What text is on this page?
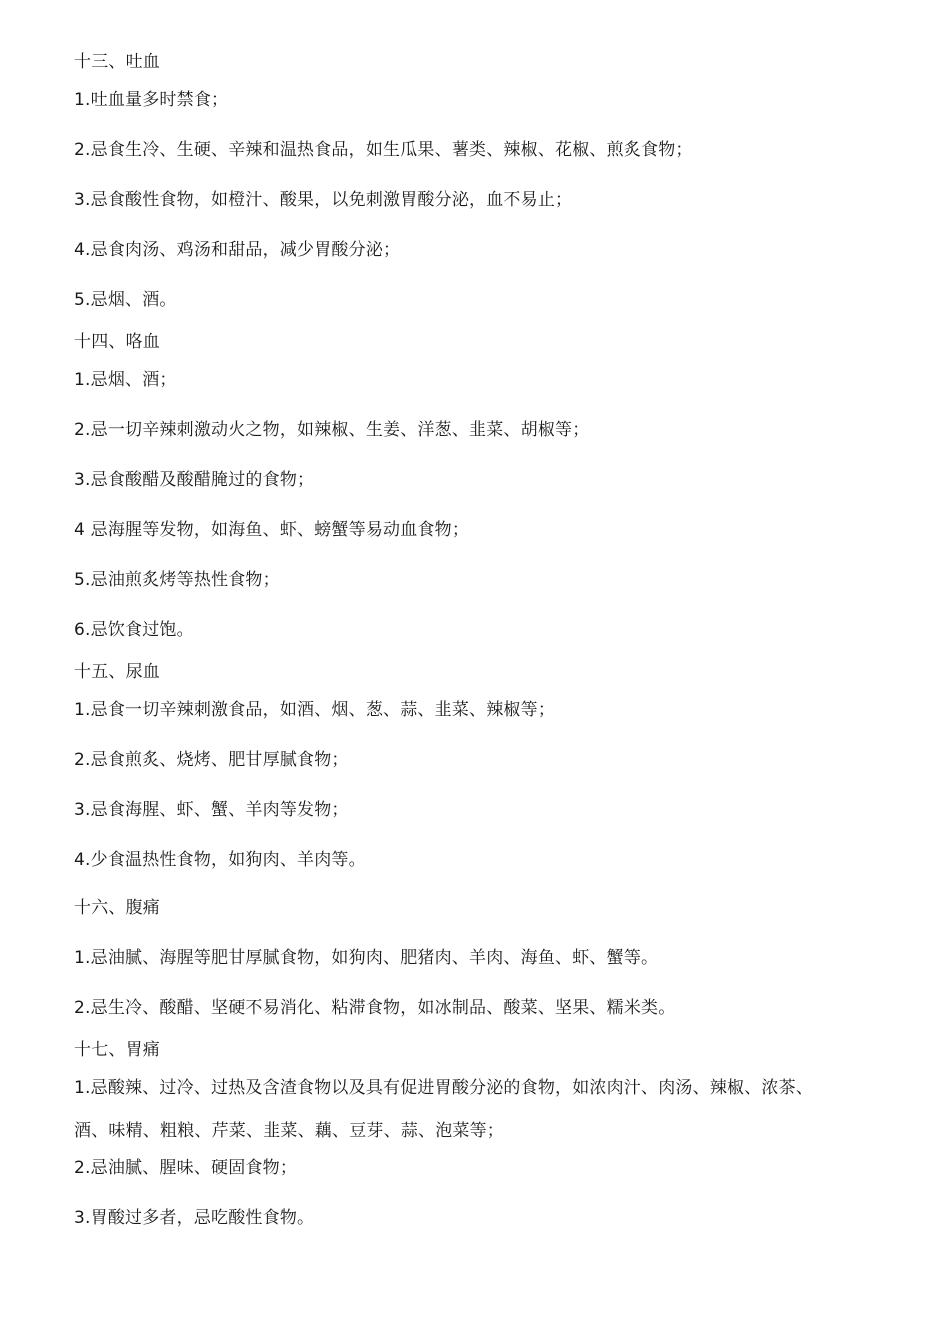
十三、吐血
1.吐血量多时禁食；
2.忌食生冷、生硬、辛辣和温热食品，如生瓜果、薯类、辣椒、花椒、煎炙食物；
3.忌食酸性食物，如橙汁、酸果，以免刺激胃酸分泌，血不易止；
4.忌食肉汤、鸡汤和甜品，减少胃酸分泌；
5.忌烟、酒。
十四、咯血
1.忌烟、酒；
2.忌一切辛辣刺激动火之物，如辣椒、生姜、洋葱、韭菜、胡椒等；
3.忌食酸醋及酸醋腌过的食物；
4 忌海腥等发物，如海鱼、虾、螃蟹等易动血食物；
5.忌油煎炙烤等热性食物；
6.忌饮食过饱。
十五、尿血
1.忌食一切辛辣刺激食品，如酒、烟、葱、蒜、韭菜、辣椒等；
2.忌食煎炙、烧烤、肥甘厚腻食物；
3.忌食海腥、虾、蟹、羊肉等发物；
4.少食温热性食物，如狗肉、羊肉等。
十六、腹痛
1.忌油腻、海腥等肥甘厚腻食物，如狗肉、肥猪肉、羊肉、海鱼、虾、蟹等。
2.忌生冷、酸醋、坚硬不易消化、粘滞食物，如冰制品、酸菜、坚果、糯米类。
十七、胃痛
1.忌酸辣、过冷、过热及含渣食物以及具有促进胃酸分泌的食物，如浓肉汁、肉汤、辣椒、浓茶、
酒、味精、粗粮、芹菜、韭菜、藕、豆芽、蒜、泡菜等；
2.忌油腻、腥味、硬固食物；
3.胃酸过多者，忌吃酸性食物。
